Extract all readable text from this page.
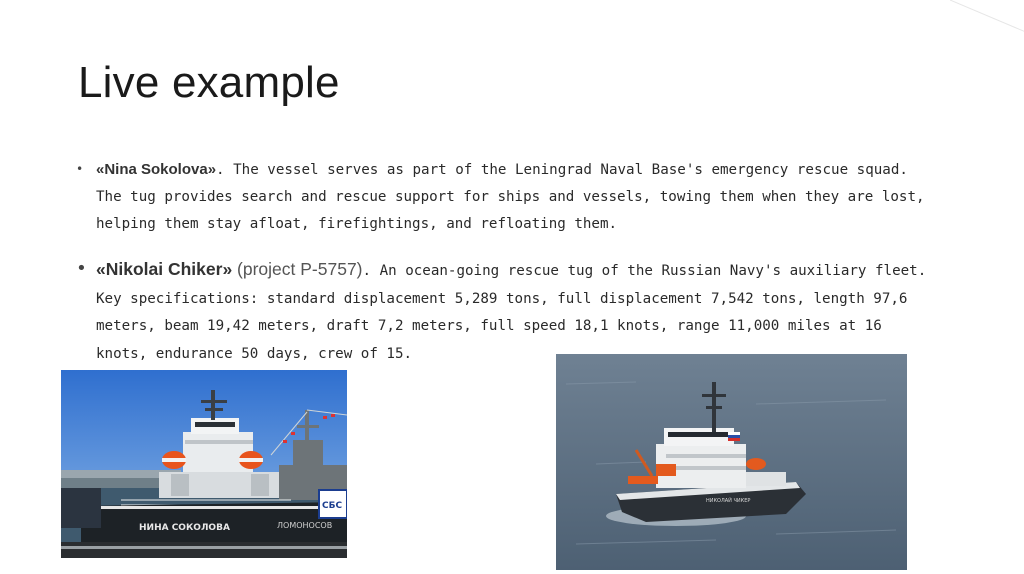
Live example
• «Nina Sokolova». The vessel serves as part of the Leningrad Naval Base's emergency rescue squad. The tug provides search and rescue support for ships and vessels, towing them when they are lost, helping them stay afloat, firefightings, and refloating them.
• «Nikolai Chiker» (project P-5757). An ocean-going rescue tug of the Russian Navy's auxiliary fleet. Key specifications: standard displacement 5,289 tons, full displacement 7,542 tons, length 97,6 meters, beam 19,42 meters, draft 7,2 meters, full speed 18,1 knots, range 11,000 miles at 16 knots, endurance 50 days, crew of 15.
НИНА СОКОЛОВА	ЛОМОНОСОВ
СБС	НИКОЛАЙ ЧИКЕР
